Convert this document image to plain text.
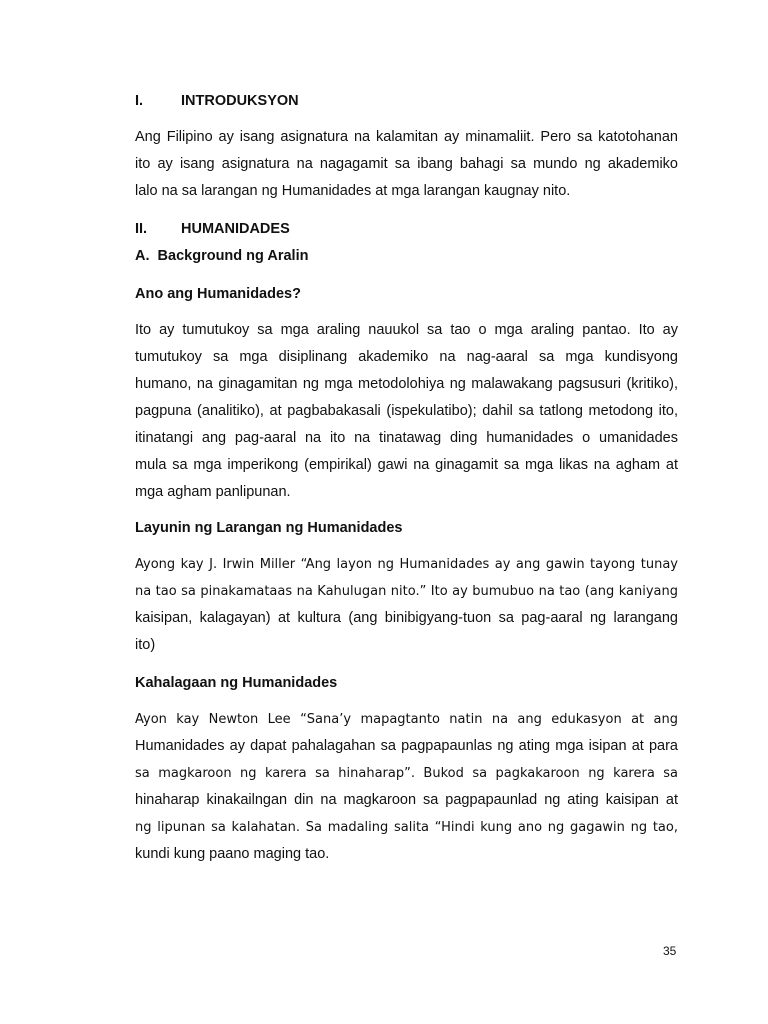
I.	INTRODUKSYON
Ang Filipino ay isang asignatura na kalamitan ay minamaliit. Pero sa katotohanan
ito ay isang asignatura na nagagamit sa ibang bahagi sa mundo ng akademiko
lalo na sa larangan ng Humanidades at mga larangan kaugnay nito.
II. HUMANIDADES
A.  Background ng Aralin
Ano ang Humanidades?
Ito ay tumutukoy sa mga araling nauukol sa tao o mga araling pantao. Ito ay
tumutukoy sa mga disiplinang akademiko na nag-aaral sa mga kundisyong
humano, na ginagamitan ng mga metodolohiya ng malawakang pagsusuri (kritiko),
pagpuna (analitiko), at pagbabakasali (ispekulatibo); dahil sa tatlong metodong ito,
itinatangi ang pag-aaral na ito na tinatawag ding humanidades o umanidades
mula sa mga imperikong (empirikal) gawi na ginagamit sa mga likas na agham at
mga agham panlipunan.
Layunin ng Larangan ng Humanidades
Ayong kay J. Irwin Miller “Ang layon ng Humanidades ay ang gawin tayong tunay
na tao sa pinakamataas na Kahulugan nito.” Ito ay bumubuo na tao (ang kaniyang
kaisipan, kalagayan) at kultura (ang binibigyang-tuon sa pag-aaral ng larangang
ito)
Kahalagaan ng Humanidades
Ayon kay Newton Lee “Sana’y mapagtanto natin na ang edukasyon at ang
Humanidades ay dapat pahalagahan sa pagpapaunlas ng ating mga isipan at para
sa magkaroon ng karera sa hinaharap”. Bukod sa pagkakaroon ng karera sa
hinaharap kinakailngan din na magkaroon sa pagpapaunlad ng ating kaisipan at
ng lipunan sa kalahatan. Sa madaling salita “Hindi kung ano ng gagawin ng tao,
kundi kung paano maging tao.
35
